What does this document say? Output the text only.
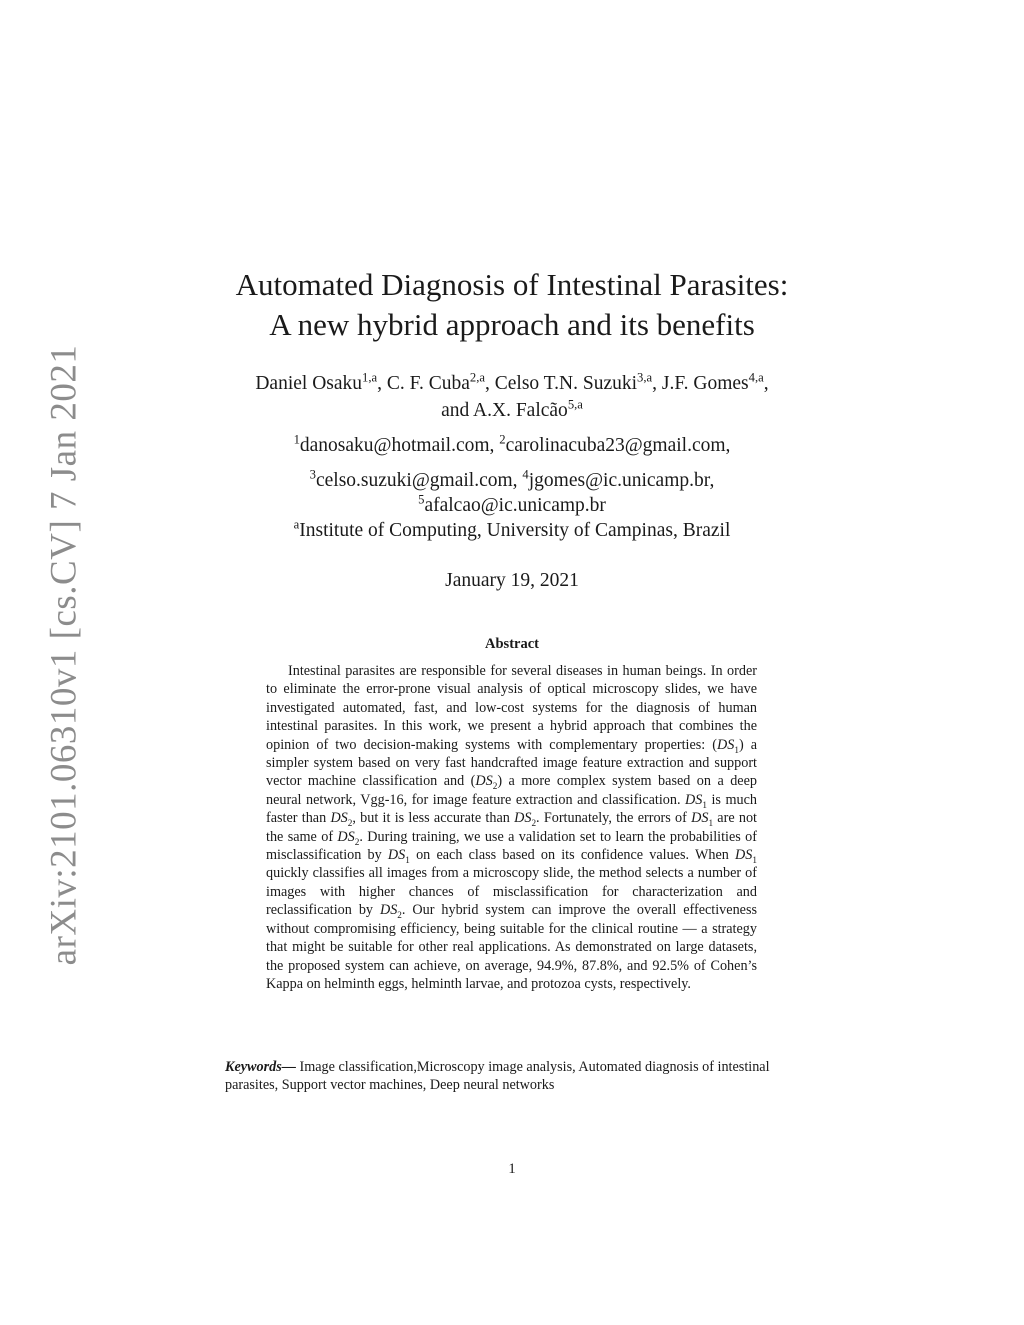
arXiv:2101.06310v1 [cs.CV] 7 Jan 2021
Automated Diagnosis of Intestinal Parasites:
A new hybrid approach and its benefits
Daniel Osaku$^{1,a}$, C. F. Cuba$^{2,a}$, Celso T.N. Suzuki$^{3,a}$, J.F. Gomes$^{4,a}$,
and A.X. Falcão$^{5,a}$
$^1$danosaku@hotmail.com, $^2$carolinacuba23@gmail.com,
$^3$celso.suzuki@gmail.com, $^4$jgomes@ic.unicamp.br,
$^5$afalcao@ic.unicamp.br
$^a$Institute of Computing, University of Campinas, Brazil
January 19, 2021
Abstract

Intestinal parasites are responsible for several diseases in human beings. In order to eliminate the error-prone visual analysis of optical microscopy slides, we have investigated automated, fast, and low-cost systems for the diagnosis of human intestinal parasites. In this work, we present a hybrid approach that combines the opinion of two decision-making systems with complementary properties: $(DS_1)$ a simpler system based on very fast handcrafted image feature extraction and support vector machine classification and $(DS_2)$ a more complex system based on a deep neural network, Vgg-16, for image feature extraction and classification. $DS_1$ is much faster than $DS_2$, but it is less accurate than $DS_2$. Fortunately, the errors of $DS_1$ are not the same of $DS_2$. During training, we use a validation set to learn the probabilities of misclassification by $DS_1$ on each class based on its confidence values. When $DS_1$ quickly classifies all images from a microscopy slide, the method selects a number of images with higher chances of misclassification for characterization and reclassification by $DS_2$. Our hybrid system can improve the overall effectiveness without compromising efficiency, being suitable for the clinical routine — a strategy that might be suitable for other real applications. As demonstrated on large datasets, the proposed system can achieve, on average, 94.9%, 87.8%, and 92.5% of Cohen’s Kappa on helminth eggs, helminth larvae, and protozoa cysts, respectively.

Keywords— Image classification,Microscopy image analysis, Automated diagnosis of intestinal parasites, Support vector machines, Deep neural networks
1
